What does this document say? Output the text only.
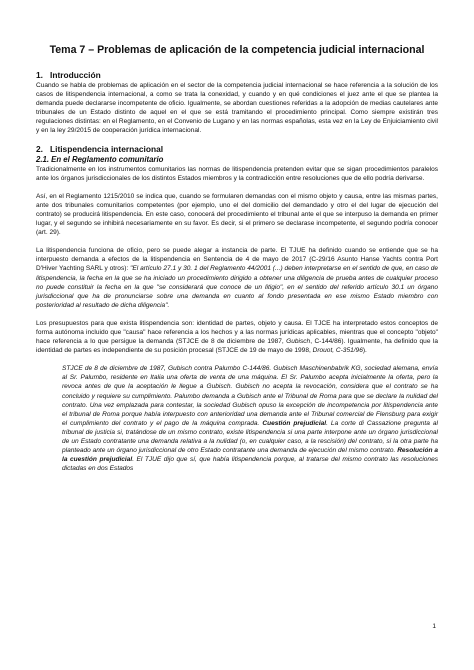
Tema 7 – Problemas de aplicación de la competencia judicial internacional
1. Introducción

Cuando se habla de problemas de aplicación en el sector de la competencia judicial internacional se hace referencia a la solución de los casos de litispendencia internacional, a como se trata la conexidad, y cuando y en qué condiciones el juez ante el que se plantea la demanda puede declararse incompetente de oficio. Igualmente, se abordan cuestiones referidas a la adopción de medias cautelares ante tribunales de un Estado distinto de aquel en el que se está tramitando el procedimiento principal. Como siempre existirán tres regulaciones distintas: en el Reglamento, en el Convenio de Lugano y en las normas españolas, esta vez en la Ley de Enjuiciamiento civil y en la ley 29/2015 de cooperación jurídica internacional.

2. Litispendencia internacional
2.1. En el Reglamento comunitario

Tradicionalmente en los instrumentos comunitarios las normas de litispendencia pretenden evitar que se sigan procedimientos paralelos ante los órganos jurisdiccionales de los distintos Estados miembros y la contradicción entre resoluciones que de ello podría derivarse.

Así, en el Reglamento 1215/2010 se indica que, cuando se formularen demandas con el mismo objeto y causa, entre las mismas partes, ante dos tribunales comunitarios competentes (por ejemplo, uno el del domicilio del demandado y otro el del lugar de ejecución del contrato) se producirá litispendencia. En este caso, conocerá del procedimiento el tribunal ante el que se interpuso la demanda en primer lugar, y el segundo se inhibirá necesariamente en su favor. Es decir, si el primero se declarase incompetente, el segundo podría conocer (art. 29).

La litispendencia funciona de oficio, pero se puede alegar a instancia de parte. El TJUE ha definido cuando se entiende que se ha interpuesto demanda a efectos de la litispendencia en Sentencia de 4 de mayo de 2017 (C-29/16 Asunto Hanse Yachts contra Port D'Hiver Yachting SARL y otros): "El artículo 27.1 y 30. 1 del Reglamento 44/2001 (...) deben interpretarse en el sentido de que, en caso de litispendencia, la fecha en la que se ha iniciado un procedimiento dirigido a obtener una diligencia de prueba antes de cualquier proceso no puede constituir la fecha en la que "se considerará que conoce de un litigio", en el sentido del referido artículo 30.1 un órgano jurisdiccional que ha de pronunciarse sobre una demanda en cuanto al fondo presentada en ese mismo Estado miembro con posterioridad al resultado de dicha diligencia".

Los presupuestos para que exista litispendencia son: identidad de partes, objeto y causa. El TJCE ha interpretado estos conceptos de forma autónoma incluido que "causa" hace referencia a los hechos y a las normas jurídicas aplicables, mientras que el concepto "objeto" hace referencia a lo que persigue la demanda (STJCE de 8 de diciembre de 1987, Gubisch, C-144/86). Igualmente, ha definido que la identidad de partes es independiente de su posición procesal (STJCE de 19 de mayo de 1998, Drouot, C-351/96).

STJCE de 8 de diciembre de 1987, Gubisch contra Palumbo C-144/86. Gubisch Maschinenbabrik KG, sociedad alemana, envía al Sr. Palumbo, residente en Italia una oferta de venta de una máquina. El Sr. Palumbo acepta inicialmente la oferta, pero la revoca antes de que la aceptación le llegue a Gubisch. Gubisch no acepta la revocación, considera que el contrato se ha concluido y requiere su cumplimiento. Palumbo demanda a Gubisch ante el Tribunal de Roma para que se declare la nulidad del contrato. Una vez emplazada para contestar, la sociedad Gubisch opuso la excepción de incompetencia por litispendencia ante el tribunal de Roma porque había interpuesto con anterioridad una demanda ante el Tribunal comercial de Flensburg para exigir el cumplimiento del contrato y el pago de la máquina comprada. Cuestión prejudicial. La corte di Cassazione pregunta al tribunal de justicia si, tratándose de un mismo contrato, existe litispendencia si una parte interpone ante un órgano jurisdiccional de un Estado contratante una demanda relativa a la nulidad (o, en cualquier caso, a la rescisión) del contrato, si la otra parte ha planteado ante un órgano jurisdiccional de otro Estado contratante una demanda de ejecución del mismo contrato. Resolución a la cuestión prejudicial. El TJUE dijo que sí, que había litispendencia porque, al tratarse del mismo contrato las resoluciones dictadas en dos Estados

1
